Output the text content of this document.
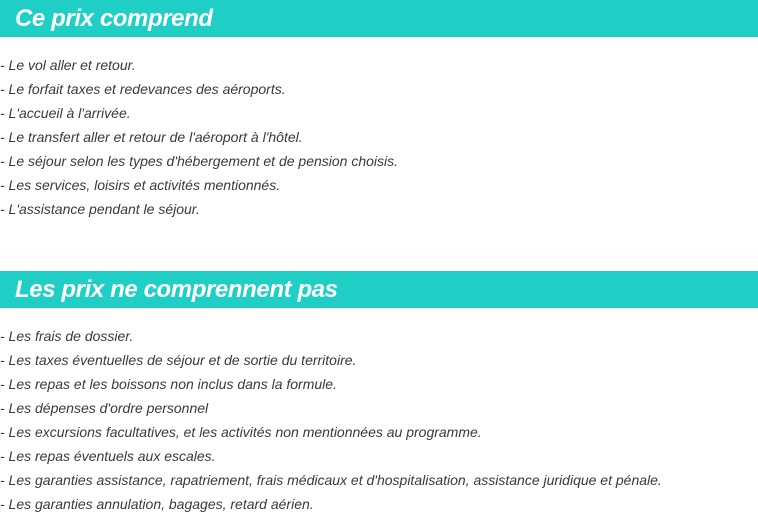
Ce prix comprend
- Le vol aller et retour.
- Le forfait taxes et redevances des aéroports.
- L'accueil à l'arrivée.
- Le transfert aller et retour de l'aéroport à l'hôtel.
- Le séjour selon les types d'hébergement et de pension choisis.
- Les services, loisirs et activités mentionnés.
- L'assistance pendant le séjour.
Les prix ne comprennent pas
- Les frais de dossier.
- Les taxes éventuelles de séjour et de sortie du territoire.
- Les repas et les boissons non inclus dans la formule.
- Les dépenses d'ordre personnel
- Les excursions facultatives, et les activités non mentionnées au programme.
- Les repas éventuels aux escales.
- Les garanties assistance, rapatriement, frais médicaux et d'hospitalisation, assistance juridique et pénale.
- Les garanties annulation, bagages, retard aérien.
